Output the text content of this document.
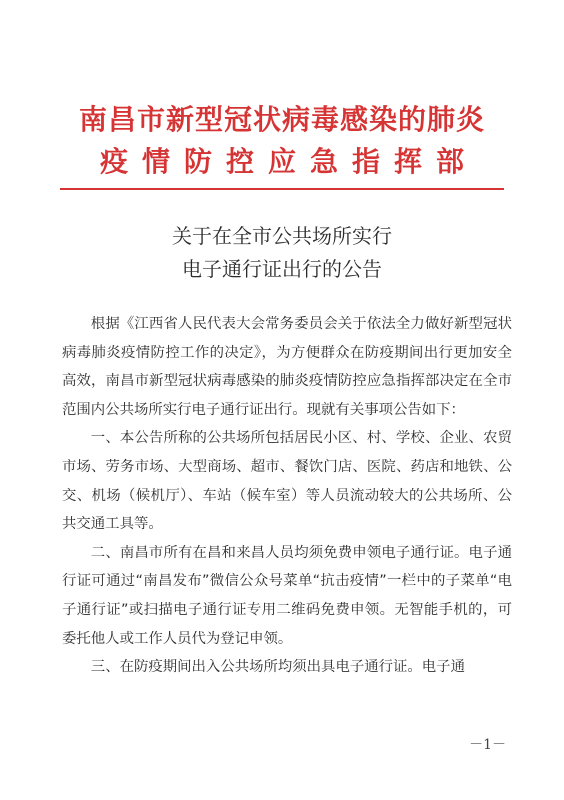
南昌市新型冠状病毒感染的肺炎
疫情防控应急指挥部
关于在全市公共场所实行
电子通行证出行的公告

根据《江西省人民代表大会常务委员会关于依法全力做好新型冠状病毒肺炎疫情防控工作的决定》，为方便群众在防疫期间出行更加安全高效，南昌市新型冠状病毒感染的肺炎疫情防控应急指挥部决定在全市范围内公共场所实行电子通行证出行。现就有关事项公告如下：

一、本公告所称的公共场所包括居民小区、村、学校、企业、农贸市场、劳务市场、大型商场、超市、餐饮门店、医院、药店和地铁、公交、机场（候机厅）、车站（候车室）等人员流动较大的公共场所、公共交通工具等。

二、南昌市所有在昌和来昌人员均须免费申领电子通行证。电子通行证可通过“南昌发布”微信公众号菜单“抗击疫情”一栏中的子菜单“电子通行证”或扫描电子通行证专用二维码免费申领。无智能手机的，可委托他人或工作人员代为登记申领。

三、在防疫期间出入公共场所均须出具电子通行证。电子通

－1－
